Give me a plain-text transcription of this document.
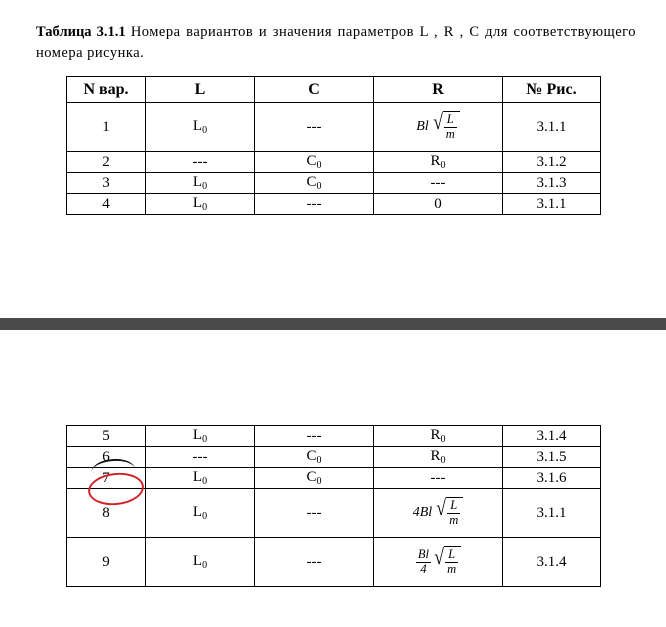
Таблица 3.1.1 Номера вариантов и значения параметров L , R , C для соответствующего номера рисунка.
N вар.	L	C	R	№ Рис.
1	$L_0$	---	Bl √ $\frac{L}{m}$	3.1.1
2	---	$C_0$	$R_0$	3.1.2
3	$L_0$	$C_0$	---	3.1.3
4	$L_0$	---	0	3.1.1
5	$L_0$	---	$R_0$	3.1.4
6	---	$C_0$	$R_0$	3.1.5
7	$L_0$	$C_0$	---	3.1.6
8	$L_0$	---	4Bl √ $\frac{L}{m}$	3.1.1
9	$L_0$	---	$\frac{Bl}{4}$ √ $\frac{L}{m}$	3.1.4
